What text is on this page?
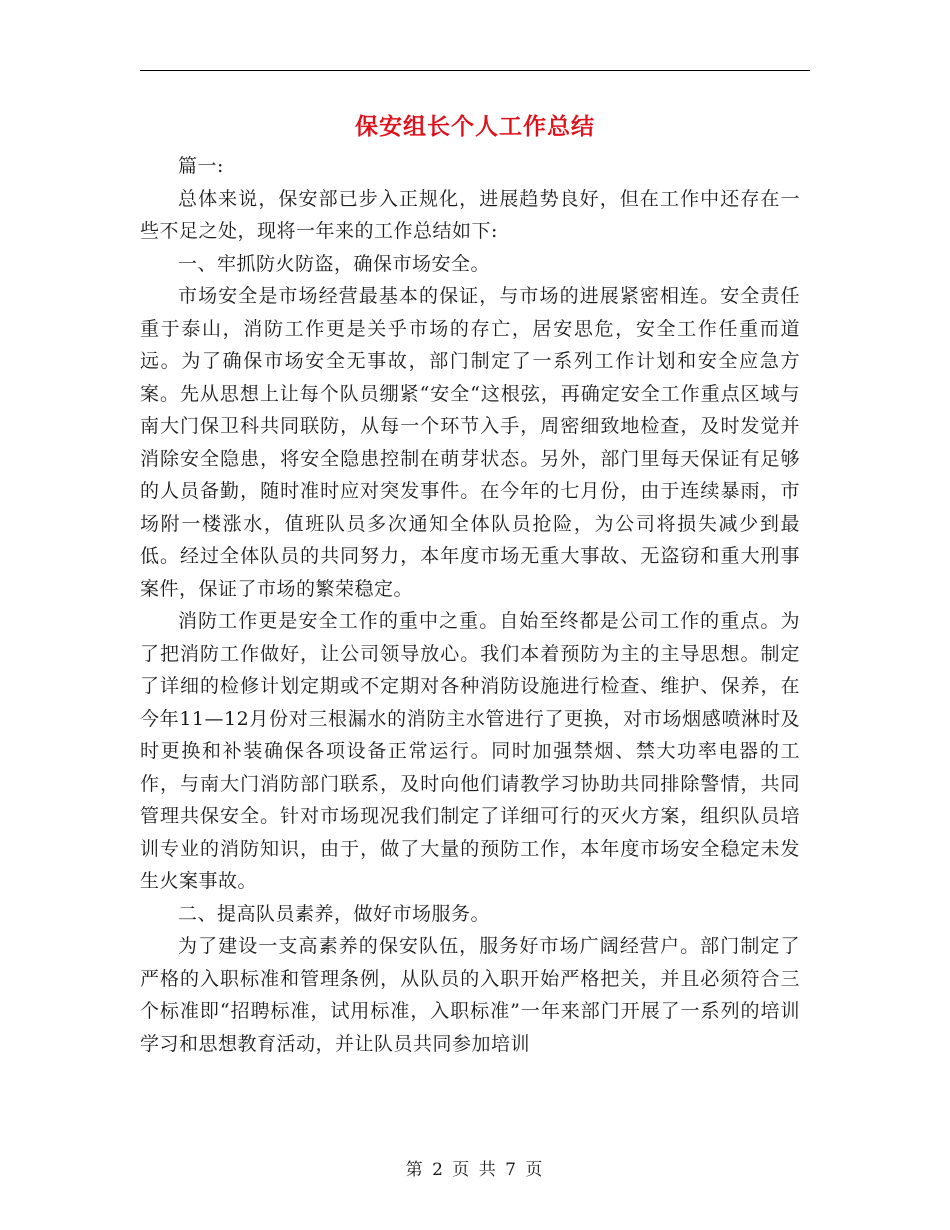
保安组长个人工作总结

篇一:

总体来说，保安部已步入正规化，进展趋势良好，但在工作中还存在一些不足之处，现将一年来的工作总结如下:

一、牢抓防火防盗，确保市场安全。

市场安全是市场经营最基本的保证，与市场的进展紧密相连。安全责任重于泰山，消防工作更是关乎市场的存亡，居安思危，安全工作任重而道远。为了确保市场安全无事故，部门制定了一系列工作计划和安全应急方案。先从思想上让每个队员绷紧“安全“这根弦，再确定安全工作重点区域与南大门保卫科共同联防，从每一个环节入手，周密细致地检查，及时发觉并消除安全隐患，将安全隐患控制在萌芽状态。另外，部门里每天保证有足够的人员备勤，随时准时应对突发事件。在今年的七月份，由于连续暴雨，市场附一楼涨水，值班队员多次通知全体队员抢险，为公司将损失减少到最低。经过全体队员的共同努力，本年度市场无重大事故、无盗窃和重大刑事案件，保证了市场的繁荣稳定。

消防工作更是安全工作的重中之重。自始至终都是公司工作的重点。为了把消防工作做好，让公司领导放心。我们本着预防为主的主导思想。制定了详细的检修计划定期或不定期对各种消防设施进行检查、维护、保养，在今年11—12月份对三根漏水的消防主水管进行了更换，对市场烟感喷淋时及时更换和补装确保各项设备正常运行。同时加强禁烟、禁大功率电器的工作，与南大门消防部门联系，及时向他们请教学习协助共同排除警情，共同管理共保安全。针对市场现况我们制定了详细可行的灭火方案，组织队员培训专业的消防知识，由于，做了大量的预防工作，本年度市场安全稳定未发生火案事故。

二、提高队员素养，做好市场服务。

为了建设一支高素养的保安队伍，服务好市场广阔经营户。部门制定了严格的入职标准和管理条例，从队员的入职开始严格把关，并且必须符合三个标准即“招聘标准，试用标准，入职标准”一年来部门开展了一系列的培训学习和思想教育活动，并让队员共同参加培训

第 2 页 共 7 页
